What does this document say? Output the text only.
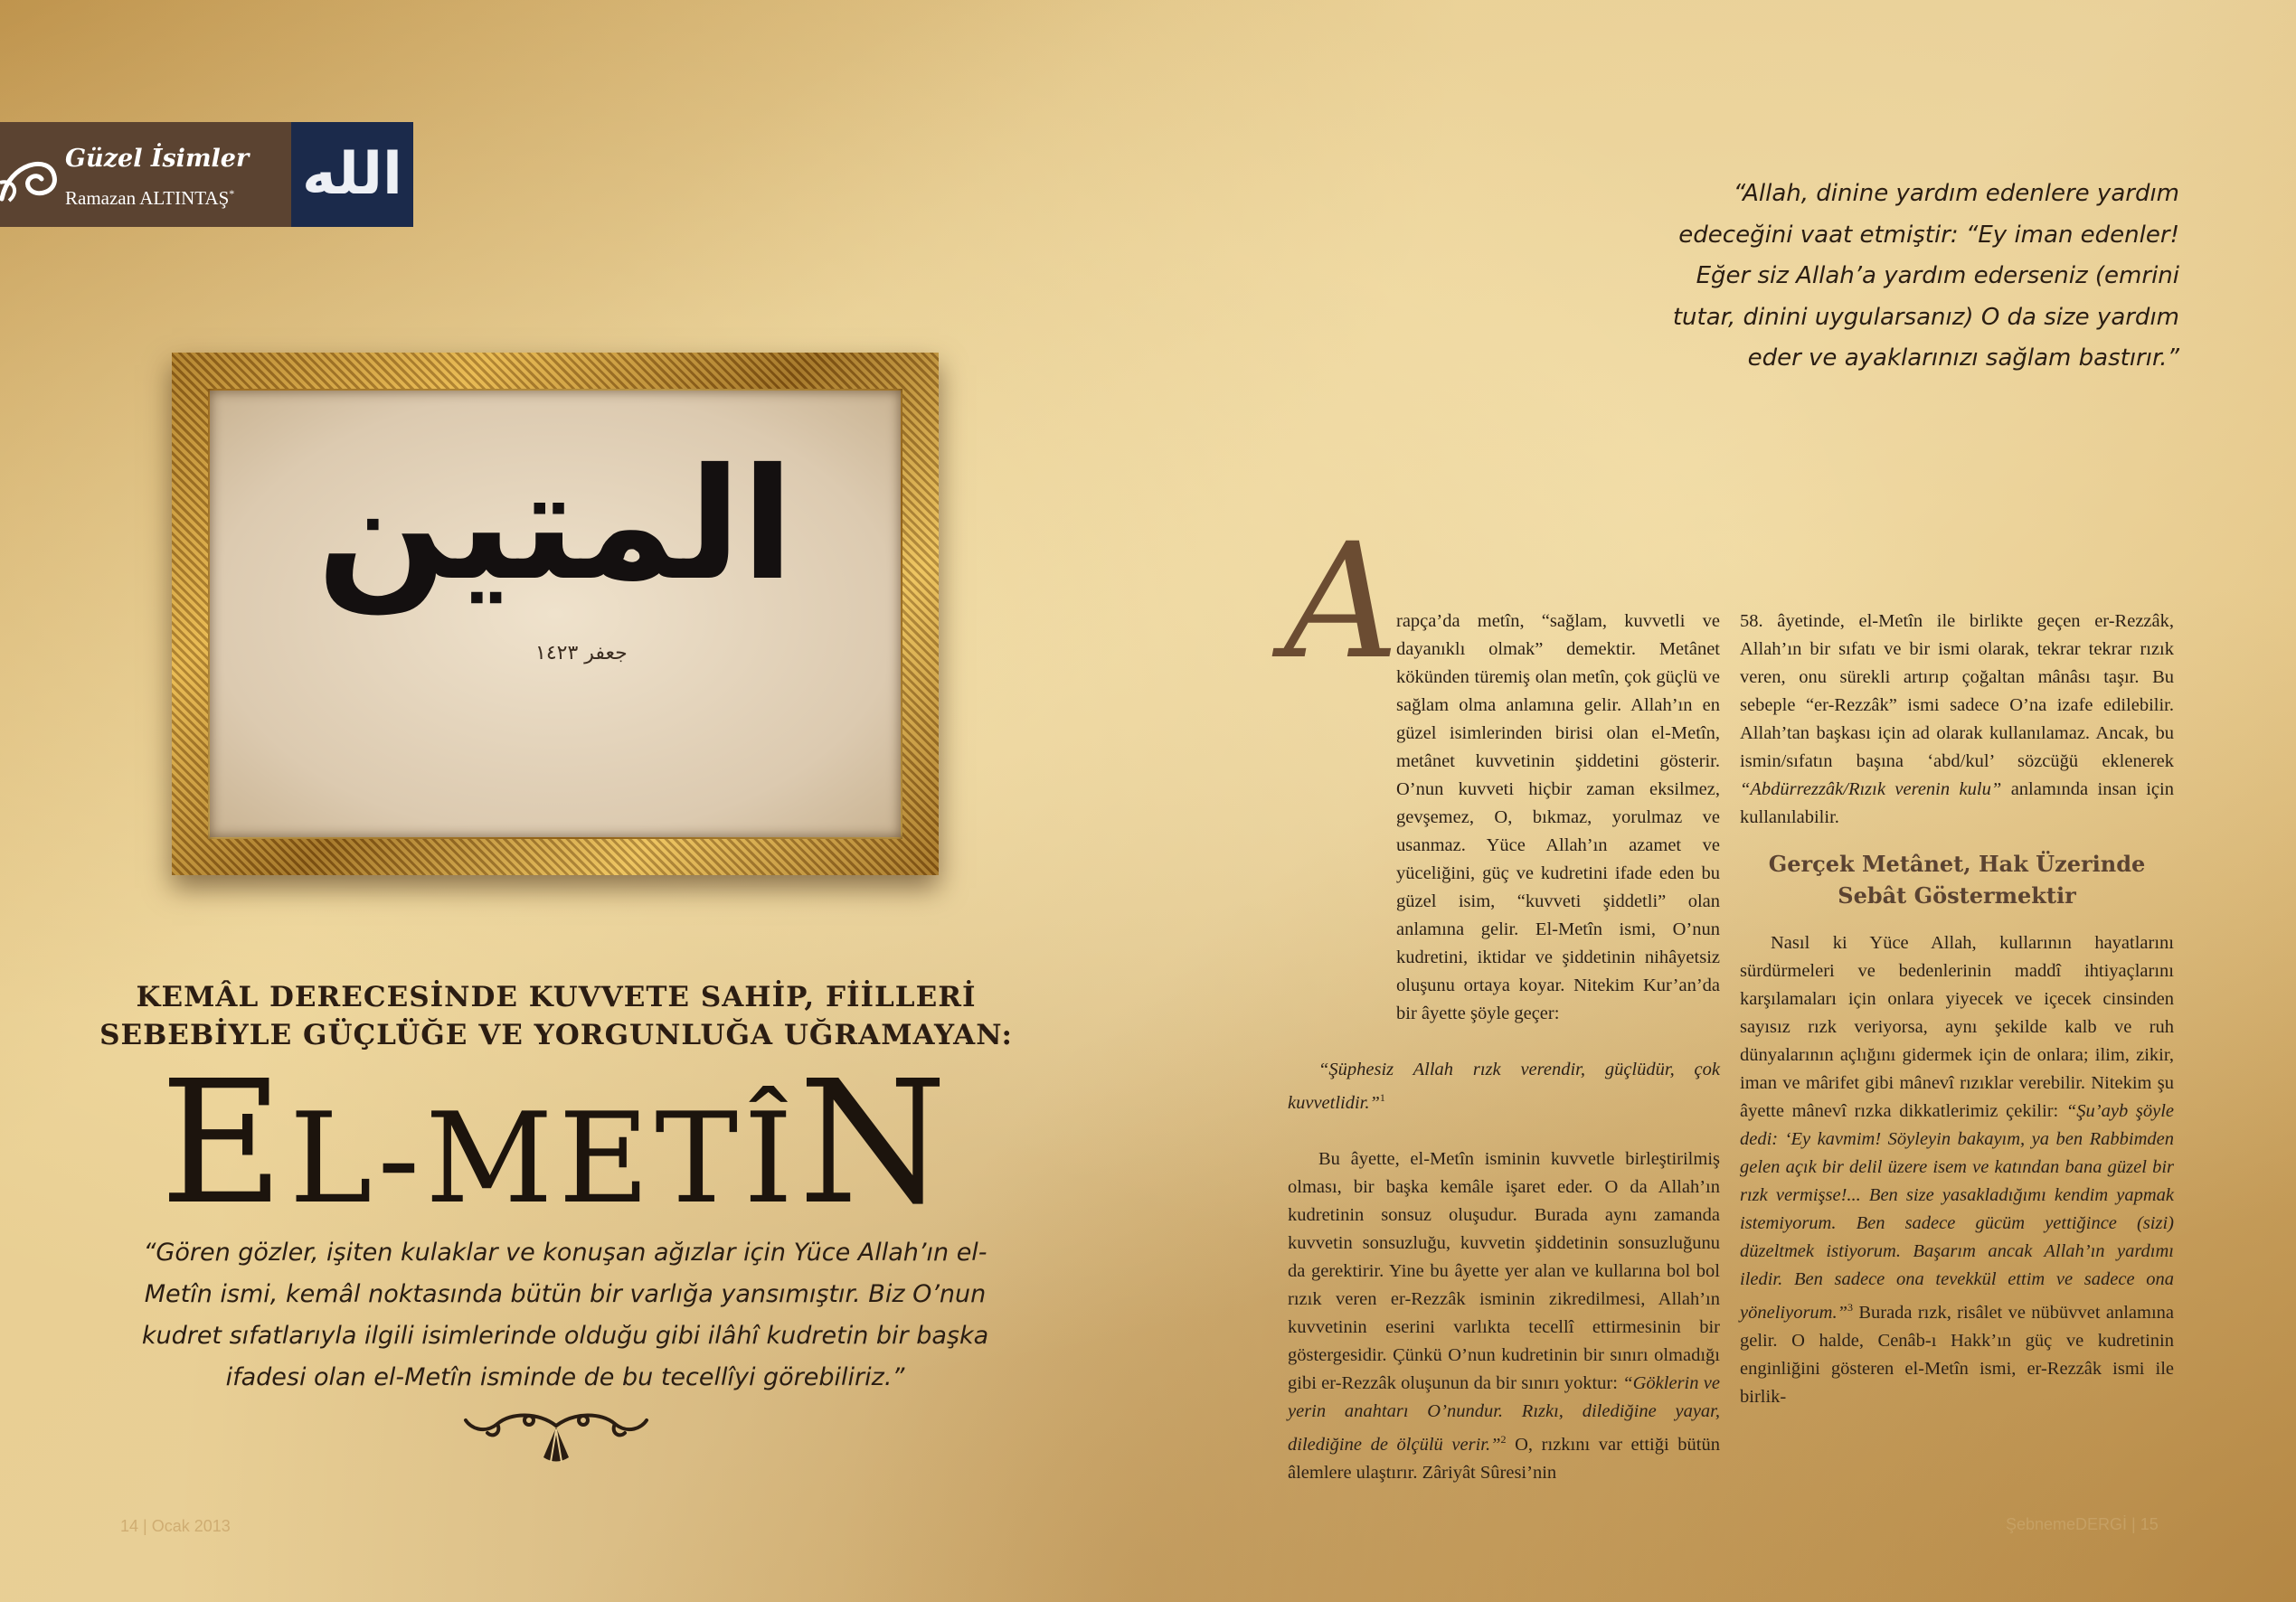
Güzel İsimler
Ramazan ALTINTAŞ* الله
المتين
جعفر ١٤٢٣
KEMÂL DERECESİNDE KUVVETE SAHİP, FİİLLERİ
SEBEBİYLE GÜÇLÜĞE VE YORGUNLUĞA UĞRAMAYAN:
EL-METÎN
“Gören gözler, işiten kulaklar ve konuşan ağızlar için Yüce Allah’ın el-Metîn ismi, kemâl noktasında bütün bir varlığa yansımıştır. Biz O’nun kudret sıfatlarıyla ilgili isimlerinde olduğu gibi ilâhî kudretin bir başka ifadesi olan el-Metîn isminde de bu tecellîyi görebiliriz.”
“Allah, dinine yardım edenlere yardım edeceğini vaat etmiştir: “Ey iman edenler! Eğer siz Allah’a yardım ederseniz (emrini tutar, dinini uygularsanız) O da size yardım eder ve ayaklarınızı sağlam bastırır.”
A

rapça’da metîn, “sağlam, kuvvetli ve dayanıklı olmak” demektir. Metânet kökünden türemiş olan metîn, çok güçlü ve sağlam olma anlamına gelir. Allah’ın en güzel isimlerinden birisi olan el-Metîn, metânet kuvvetinin şiddetini gösterir. O’nun kuvveti hiçbir zaman eksilmez, gevşemez, O, bıkmaz, yorulmaz ve usanmaz. Yüce Allah’ın azamet ve yüceliğini, güç ve kudretini ifade eden bu güzel isim, “kuvveti şiddetli” olan anlamına gelir. El-Metîn ismi, O’nun kudretini, iktidar ve şiddetinin nihâyetsiz oluşunu ortaya koyar. Nitekim Kur’an’da bir âyette şöyle geçer:

“Şüphesiz Allah rızk verendir, güçlüdür, çok kuvvetlidir.”$^1$

Bu âyette, el-Metîn isminin kuvvetle birleştirilmiş olması, bir başka kemâle işaret eder. O da Allah’ın kudretinin sonsuz oluşudur. Burada aynı zamanda kuvvetin sonsuzluğu, kuvvetin şiddetinin sonsuzluğunu da gerektirir. Yine bu âyette yer alan ve kullarına bol bol rızık veren er-Rezzâk isminin zikredilmesi, Allah’ın kuvvetinin eserini varlıkta tecellî ettirmesinin bir göstergesidir. Çünkü O’nun kudretinin bir sınırı olmadığı gibi er-Rezzâk oluşunun da bir sınırı yoktur: “Göklerin ve yerin anahtarı O’nundur. Rızkı, dilediğine yayar, dilediğine de ölçülü verir.”$^2$ O, rızkını var ettiği bütün âlemlere ulaştırır. Zâriyât Sûresi’nin

58. âyetinde, el-Metîn ile birlikte geçen er-Rezzâk, Allah’ın bir sıfatı ve bir ismi olarak, tekrar tekrar rızık veren, onu sürekli artırıp çoğaltan mânâsı taşır. Bu sebeple “er-Rezzâk” ismi sadece O’na izafe edilebilir. Allah’tan başkası için ad olarak kullanılamaz. Ancak, bu ismin/sıfatın başına ‘abd/kul’ sözcüğü eklenerek “Abdürrezzâk/Rızık verenin kulu” anlamında insan için kullanılabilir.

Gerçek Metânet, Hak Üzerinde
Sebât Göstermektir

Nasıl ki Yüce Allah, kullarının hayatlarını sürdürmeleri ve bedenlerinin maddî ihtiyaçlarını karşılamaları için onlara yiyecek ve içecek cinsinden sayısız rızk veriyorsa, aynı şekilde kalb ve ruh dünyalarının açlığını gidermek için de onlara; ilim, zikir, iman ve mârifet gibi mânevî rızıklar verebilir. Nitekim şu âyette mânevî rızka dikkatlerimiz çekilir: “Şu’ayb şöyle dedi: ‘Ey kavmim! Söyleyin bakayım, ya ben Rabbimden gelen açık bir delil üzere isem ve katından bana güzel bir rızk vermişse!... Ben size yasakladığımı kendim yapmak istemiyorum. Ben sadece gücüm yettiğince (sizi) düzeltmek istiyorum. Başarım ancak Allah’ın yardımı iledir. Ben sadece ona tevekkül ettim ve sadece ona yöneliyorum.”$^3$ Burada rızk, risâlet ve nübüvvet anlamına gelir. O halde, Cenâb-ı Hakk’ın güç ve kudretinin enginliğini gösteren el-Metîn ismi, er-Rezzâk ismi ile birlik-

14 | Ocak 2013	ŞebnemeDERGİ | 15
